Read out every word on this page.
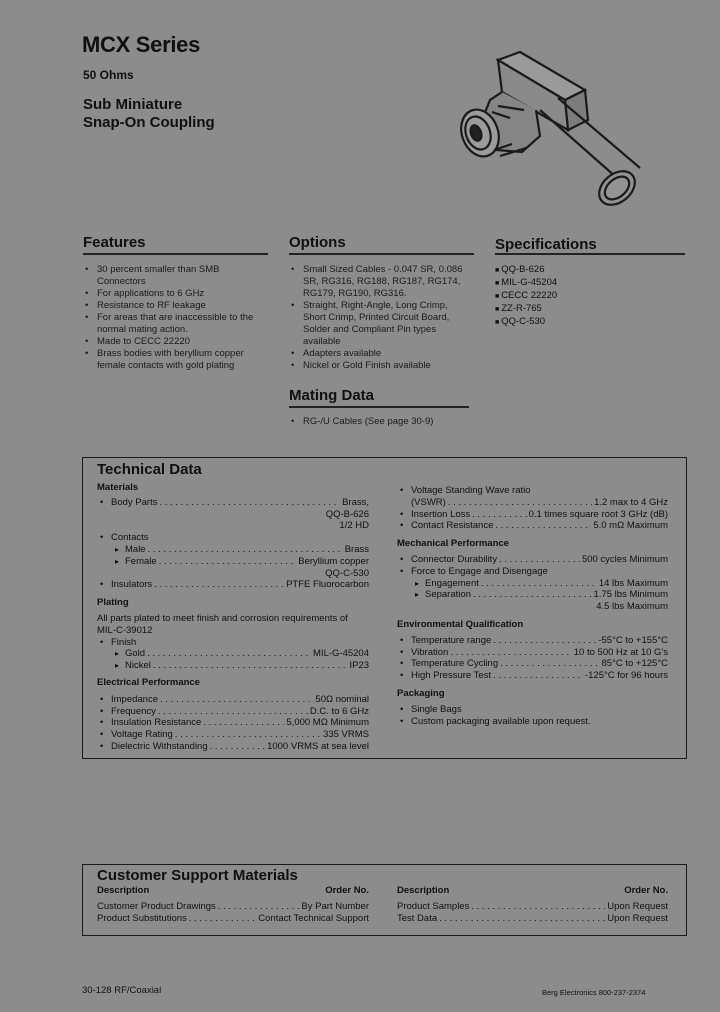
MCX Series
50 Ohms
Sub Miniature
Snap-On Coupling
Features
• 30 percent smaller than SMB Connectors
• For applications to 6 GHz
• Resistance to RF leakage
• For areas that are inaccessible to the normal mating action.
• Made to CECC 22220
• Brass bodies with beryllium copper female contacts with gold plating
Options
• Small Sized Cables - 0.047 SR, 0.086 SR, RG316, RG188, RG187, RG174, RG179, RG190, RG316.
• Straight, Right-Angle, Long Crimp, Short Crimp, Printed Circuit Board, Solder and Compliant Pin types available
• Adapters available
• Nickel or Gold Finish available
Specifications
■ QQ-B-626■ MIL-G-45204
■ CECC 22220■ ZZ-R-765
■ QQ-C-530
Mating Data
• RG-/U Cables (See page 30-9)
Technical Data
Materials
• Body Parts . . .	Brass,
QQ-B-626
1/2 HD
• Contacts
▸ Male . . .	Brass
▸ Female . . .	Beryllium copper
QQ-C-530
• Insulators . . .	PTFE Fluorocarbon
Plating
All parts plated to meet finish and corrosion requirements of
MIL-C-39012
• Finish
▸ Gold . . .	MIL-G-45204
▸ Nickel . . .	IP23
Electrical Performance
• Impedance . . .	50Ω nominal
• Frequency . . .	D.C. to 6 GHz
• Insulation Resistance . . .	5,000 MΩ Minimum
• Voltage Rating . . .	335 VRMS
• Dielectric Withstanding . . .	1000 VRMS at sea level
• Voltage Standing Wave ratio
(VSWR) . . .	1.2 max to 4 GHz
• Insertion Loss . . .	0.1 times square root 3 GHz (dB)
• Contact Resistance . . .	5.0 mΩ Maximum
Mechanical Performance
• Connector Durability . . .	500 cycles Minimum
• Force to Engage and Disengage
▸ Engagement . . .	14 lbs Maximum
▸ Separation . . .	1.75 lbs Minimum
4.5 lbs Maximum
Environmental Qualification
• Temperature range . . .	-55°C to +155°C
• Vibration . . .	10 to 500 Hz at 10 G's
• Temperature Cycling . . .	85°C to +125°C
• High Pressure Test . . .	-125°C for 96 hours
Packaging
• Single Bags
• Custom packaging available upon request.
Customer Support Materials
Description	Order No.
Customer Product Drawings . . .	By Part Number
Product Substitutions . . .	Contact Technical Support
Description	Order No.
Product Samples . . .	Upon Request
Test Data . . .	Upon Request
30-128 RF/Coaxial	Berg Electronics 800-237-2374
